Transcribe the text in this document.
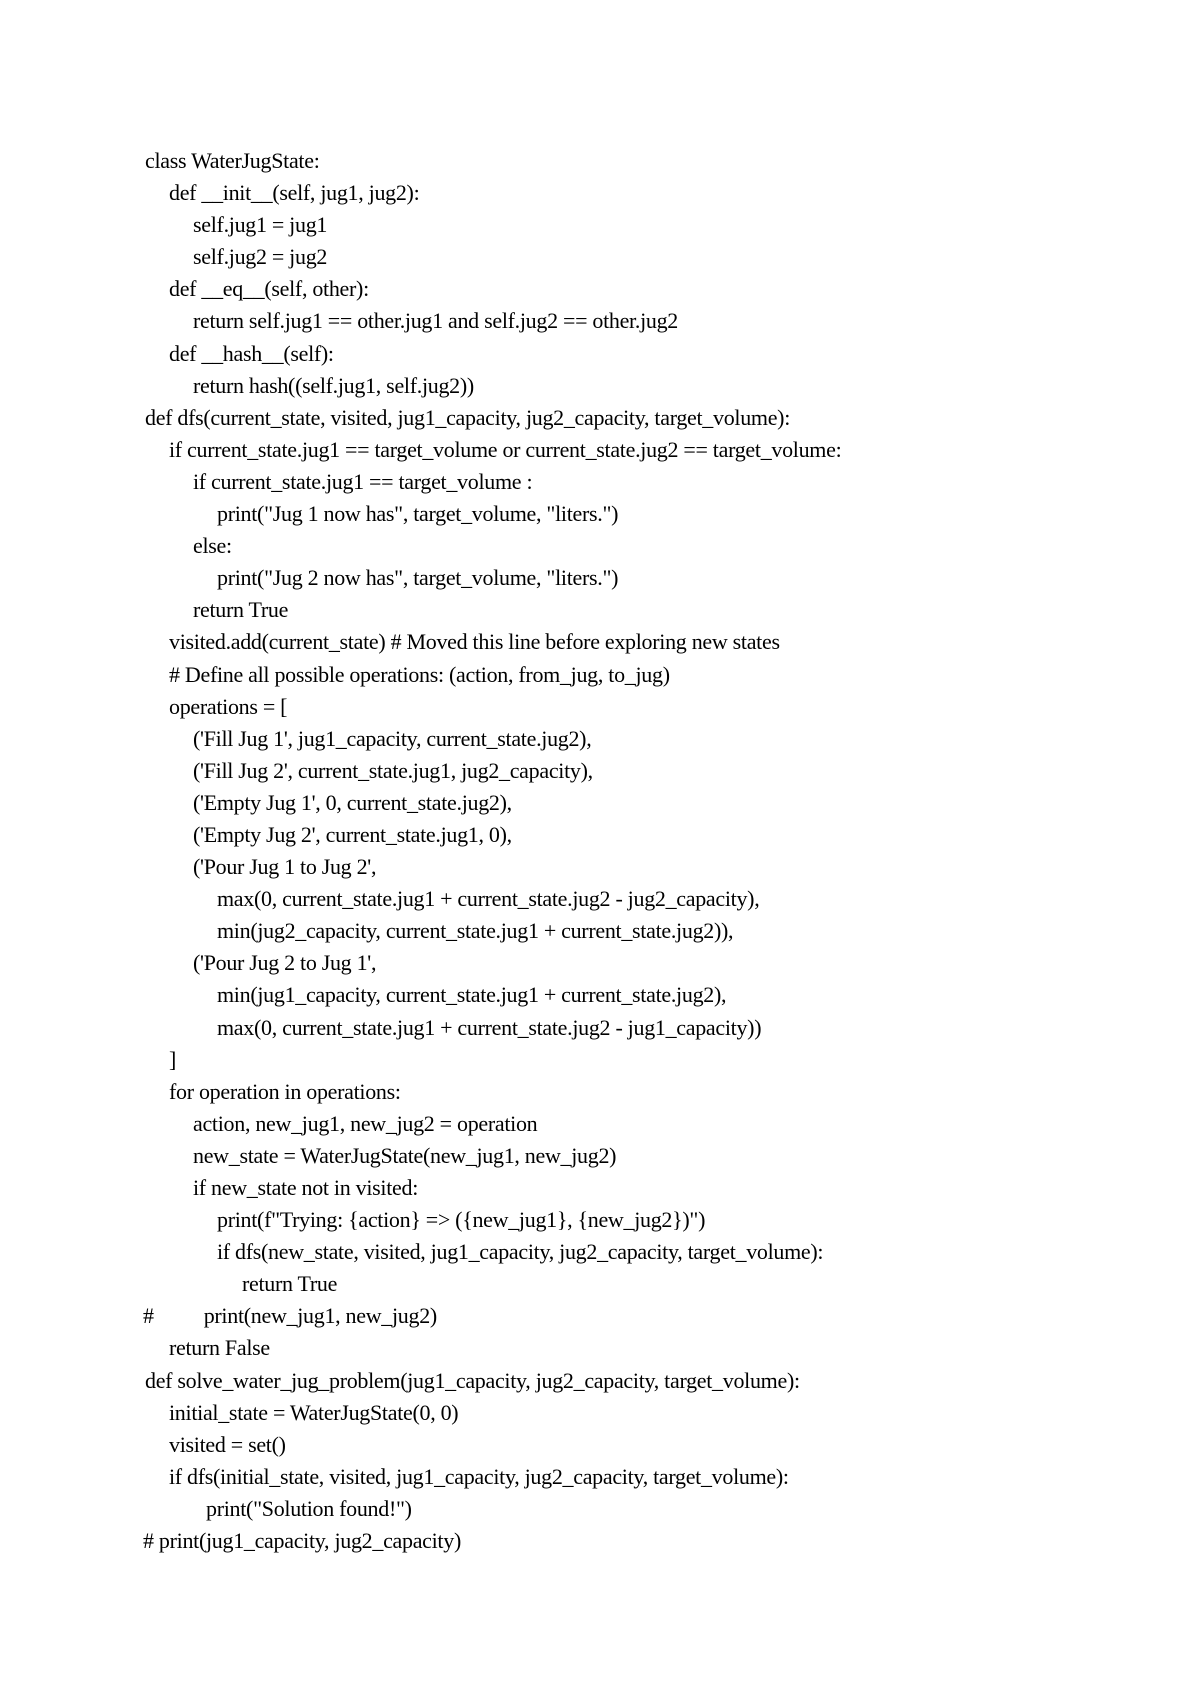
class WaterJugState:
def __init__(self, jug1, jug2):
self.jug1 = jug1
self.jug2 = jug2
def __eq__(self, other):
return self.jug1 == other.jug1 and self.jug2 == other.jug2
def __hash__(self):
return hash((self.jug1, self.jug2))
def dfs(current_state, visited, jug1_capacity, jug2_capacity, target_volume):
if current_state.jug1 == target_volume or current_state.jug2 == target_volume:
if current_state.jug1 == target_volume :
print("Jug 1 now has", target_volume, "liters.")
else:
print("Jug 2 now has", target_volume, "liters.")
return True
visited.add(current_state) # Moved this line before exploring new states
# Define all possible operations: (action, from_jug, to_jug)
operations = [
('Fill Jug 1', jug1_capacity, current_state.jug2),
('Fill Jug 2', current_state.jug1, jug2_capacity),
('Empty Jug 1', 0, current_state.jug2),
('Empty Jug 2', current_state.jug1, 0),
('Pour Jug 1 to Jug 2',
max(0, current_state.jug1 + current_state.jug2 - jug2_capacity),
min(jug2_capacity, current_state.jug1 + current_state.jug2)),
('Pour Jug 2 to Jug 1',
min(jug1_capacity, current_state.jug1 + current_state.jug2),
max(0, current_state.jug1 + current_state.jug2 - jug1_capacity))
]
for operation in operations:
action, new_jug1, new_jug2 = operation
new_state = WaterJugState(new_jug1, new_jug2)
if new_state not in visited:
print(f"Trying: {action} => ({new_jug1}, {new_jug2})")
if dfs(new_state, visited, jug1_capacity, jug2_capacity, target_volume):
return True
# print(new_jug1, new_jug2)
return False
def solve_water_jug_problem(jug1_capacity, jug2_capacity, target_volume):
initial_state = WaterJugState(0, 0)
visited = set()
if dfs(initial_state, visited, jug1_capacity, jug2_capacity, target_volume):
print("Solution found!")
# print(jug1_capacity, jug2_capacity)
